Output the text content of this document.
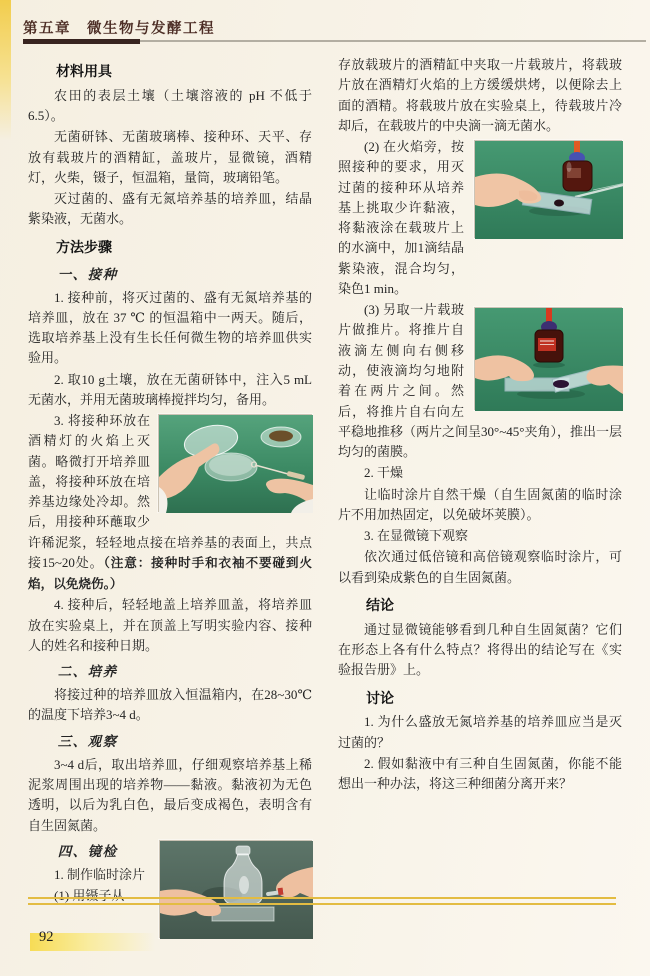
第五章　微生物与发酵工程
材料用具
农田的表层土壤（土壤溶液的 pH 不低于6.5）。
无菌研钵、无菌玻璃棒、接种环、天平、存放有载玻片的酒精缸，盖玻片，显微镜，酒精灯，火柴，镊子，恒温箱，量筒，玻璃铅笔。
灭过菌的、盛有无氮培养基的培养皿，结晶紫染液，无菌水。
方法步骤
一、接种
1. 接种前，将灭过菌的、盛有无氮培养基的培养皿，放在 37 ℃ 的恒温箱中一两天。随后，选取培养基上没有生长任何微生物的培养皿供实验用。
2. 取10 g土壤，放在无菌研钵中，注入5 mL无菌水，并用无菌玻璃棒搅拌均匀，备用。
3. 将接种环放在酒精灯的火焰上灭菌。略微打开培养皿盖，将接种环放在培养基边缘处冷却。然后，用接种环蘸取少许稀泥浆，轻轻地点接在培养基的表面上，共点接15~20处。（注意：接种时手和衣袖不要碰到火焰，以免烧伤。）
4. 接种后，轻轻地盖上培养皿盖，将培养皿放在实验桌上，并在顶盖上写明实验内容、接种人的姓名和接种日期。
二、培养
将接过种的培养皿放入恒温箱内，在28~30℃的温度下培养3~4 d。
三、观察
3~4 d后，取出培养皿，仔细观察培养基上稀泥浆周围出现的培养物——黏液。黏液初为无色透明，以后为乳白色，最后变成褐色，表明含有自生固氮菌。
四、镜检
1. 制作临时涂片
(1) 用镊子从
存放载玻片的酒精缸中夹取一片载玻片，将载玻片放在酒精灯火焰的上方缓缓烘烤，以便除去上面的酒精。将载玻片放在实验桌上，待载玻片冷却后，在载玻片的中央滴一滴无菌水。
(2) 在火焰旁，按照接种的要求，用灭过菌的接种环从培养基上挑取少许黏液，将黏液涂在载玻片上的水滴中，加1滴结晶紫染液，混合均匀，染色1 min。
(3) 另取一片载玻片做推片。将推片自液滴左侧向右侧移动，使液滴均匀地附着在两片之间。然后，将推片自右向左平稳地推移（两片之间呈30°~45°夹角），推出一层均匀的菌膜。
2. 干燥
让临时涂片自然干燥（自生固氮菌的临时涂片不用加热固定，以免破坏荚膜）。
3. 在显微镜下观察
依次通过低倍镜和高倍镜观察临时涂片，可以看到染成紫色的自生固氮菌。
结论
通过显微镜能够看到几种自生固氮菌？它们在形态上各有什么特点？将得出的结论写在《实验报告册》上。
讨论
1. 为什么盛放无氮培养基的培养皿应当是灭过菌的？
2. 假如黏液中有三种自生固氮菌，你能不能想出一种办法，将这三种细菌分离开来？
92
